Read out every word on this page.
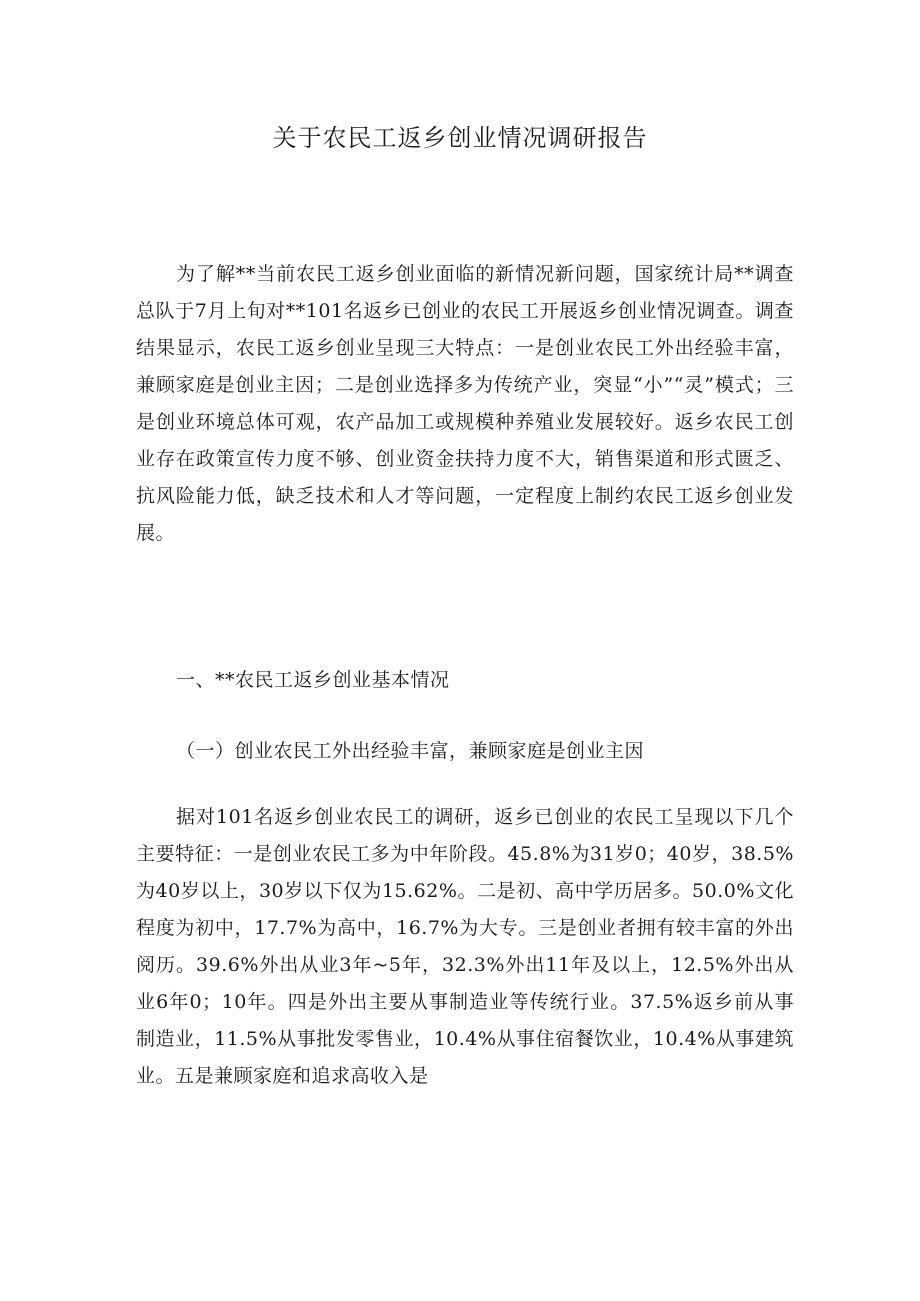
关于农民工返乡创业情况调研报告

为了解**当前农民工返乡创业面临的新情况新问题，国家统计局**调查总队于7月上旬对**101名返乡已创业的农民工开展返乡创业情况调查。调查结果显示，农民工返乡创业呈现三大特点：一是创业农民工外出经验丰富，兼顾家庭是创业主因；二是创业选择多为传统产业，突显“小”“灵”模式；三是创业环境总体可观，农产品加工或规模种养殖业发展较好。返乡农民工创业存在政策宣传力度不够、创业资金扶持力度不大，销售渠道和形式匮乏、抗风险能力低，缺乏技术和人才等问题，一定程度上制约农民工返乡创业发展。

一、**农民工返乡创业基本情况

（一）创业农民工外出经验丰富，兼顾家庭是创业主因

据对101名返乡创业农民工的调研，返乡已创业的农民工呈现以下几个主要特征：一是创业农民工多为中年阶段。45.8%为31岁0；40岁，38.5%为40岁以上，30岁以下仅为15.62%。二是初、高中学历居多。50.0%文化程度为初中，17.7%为高中，16.7%为大专。三是创业者拥有较丰富的外出阅历。39.6%外出从业3年~5年，32.3%外出11年及以上，12.5%外出从业6年0；10年。四是外出主要从事制造业等传统行业。37.5%返乡前从事制造业，11.5%从事批发零售业，10.4%从事住宿餐饮业，10.4%从事建筑业。五是兼顾家庭和追求高收入是
